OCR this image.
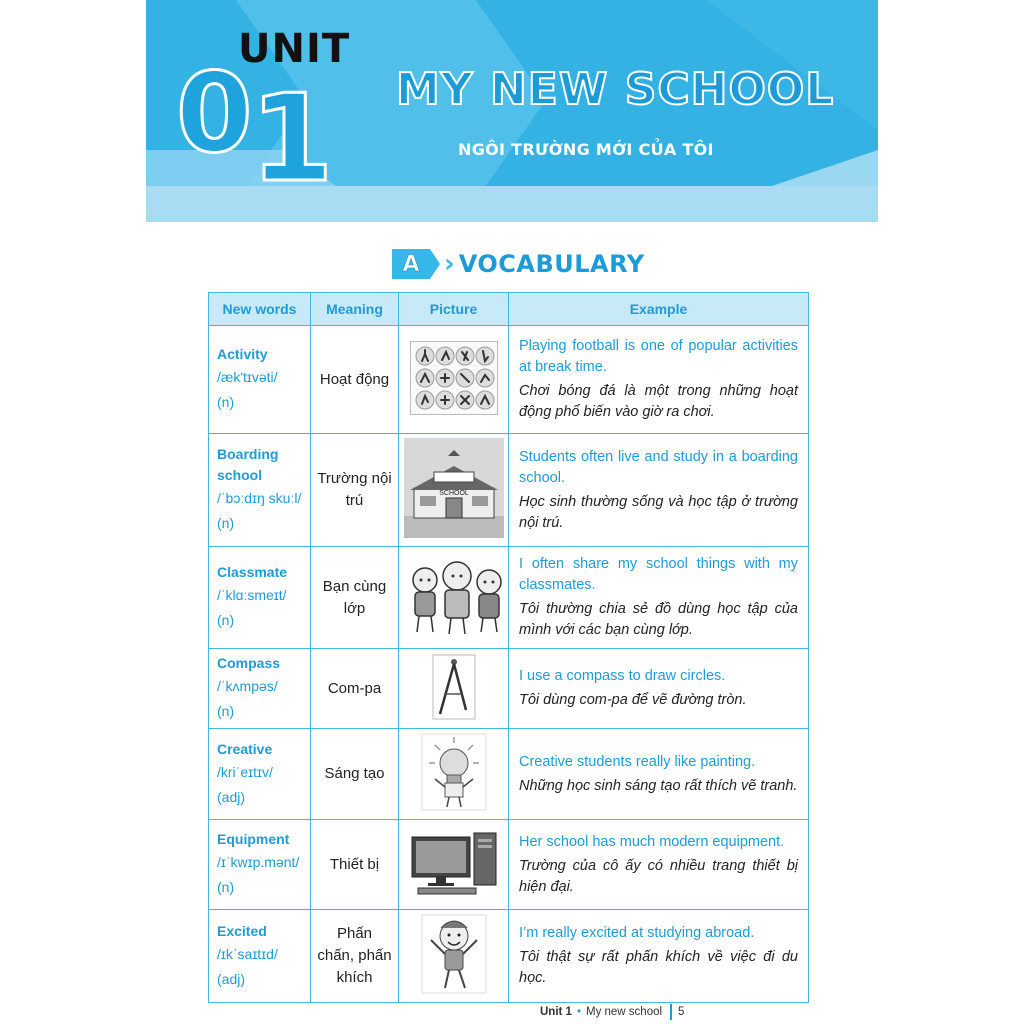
UNIT
0
1 MY NEW SCHOOL
NGÔI TRƯỜNG MỚI CỦA TÔI
A › VOCABULARY
New words	Meaning	Picture	Example

Activity
/æk'tɪvəti/
(n)	Hoạt động		Playing football is one of popular activities at break time.
Chơi bóng đá là một trong những hoạt động phổ biến vào giờ ra chơi.

Boarding school
/ˈbɔːdɪŋ skuːl/
(n)	Trường nội trú	SCHOOL	Students often live and study in a boarding school.
Học sinh thường sống và học tập ở trường nội trú.

Classmate
/ˈklɑːsmeɪt/
(n)	Bạn cùng lớp		I often share my school things with my classmates.
Tôi thường chia sẻ đồ dùng học tập của mình với các bạn cùng lớp.

Compass
/ˈkʌmpəs/
(n)	Com-pa		I use a compass to draw circles.
Tôi dùng com-pa để vẽ đường tròn.

Creative
/kriˈeɪtɪv/
(adj)	Sáng tạo		Creative students really like painting.
Những học sinh sáng tạo rất thích vẽ tranh.

Equipment
/ɪˈkwɪp.mənt/
(n)	Thiết bị		Her school has much modern equipment.
Trường của cô ấy có nhiều trang thiết bị hiện đại.

Excited
/ɪkˈsaɪtɪd/
(adj)	Phấn chấn, phấn khích		I’m really excited at studying abroad.
Tôi thật sự rất phấn khích về việc đi du học.
Unit 1 • My new school 5
